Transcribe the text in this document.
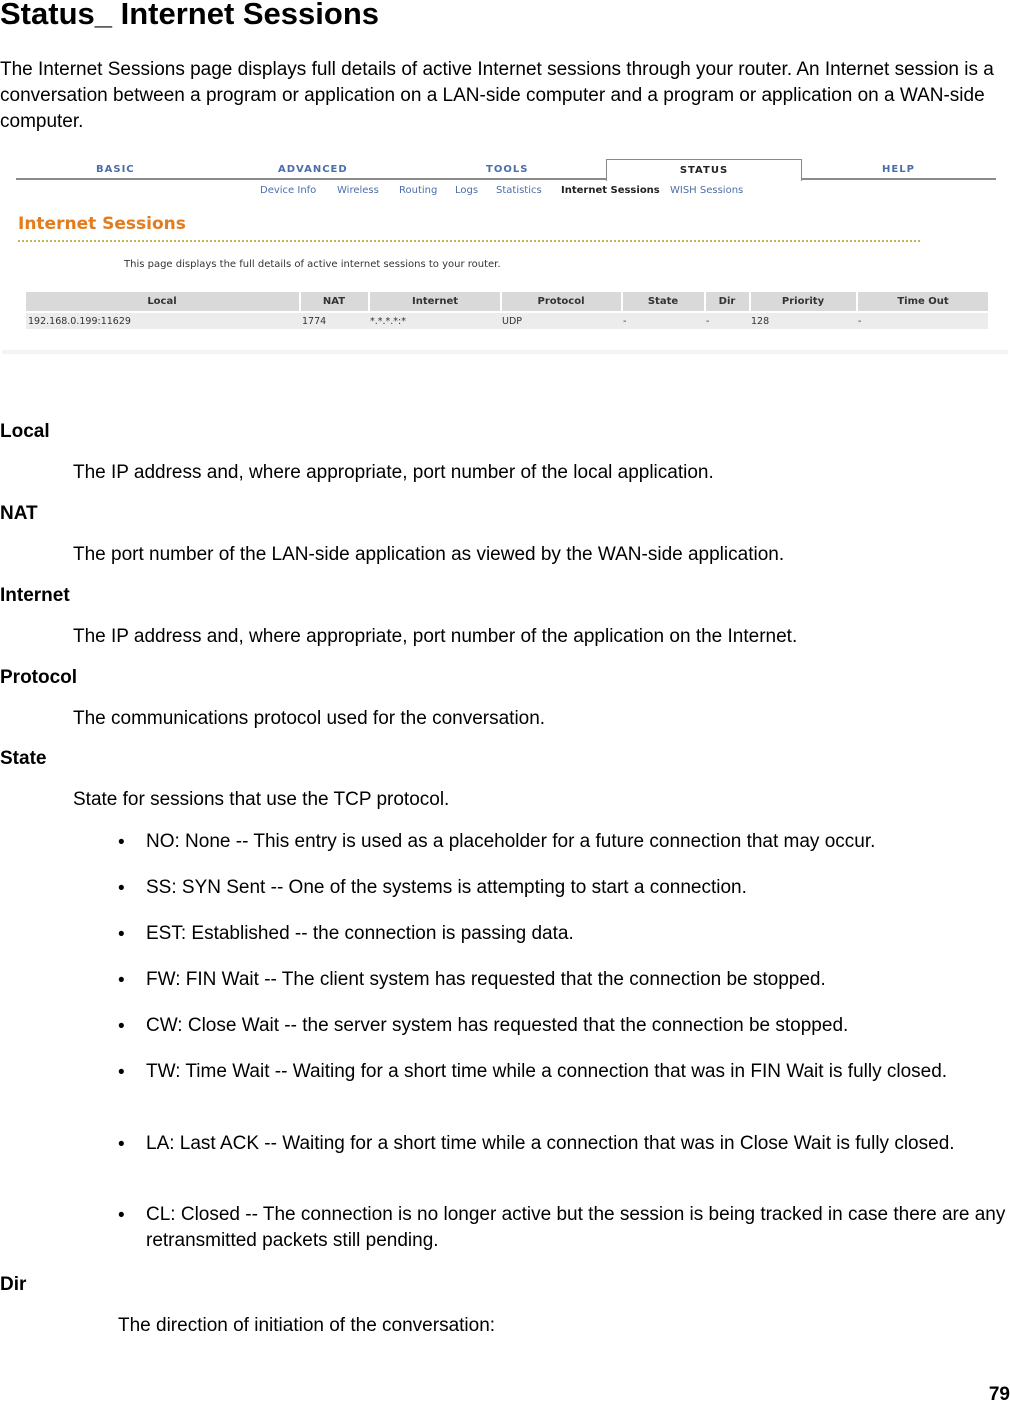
Status_ Internet Sessions
The Internet Sessions page displays full details of active Internet sessions through your router. An Internet session is a conversation between a program or application on a LAN-side computer and a program or application on a WAN-side computer.
BASIC	ADVANCED	TOOLS	STATUS	HELP
Device Info Wireless Routing Logs Statistics Internet Sessions WISH Sessions
Internet Sessions
This page displays the full details of active internet sessions to your router.
Local	NAT	Internet	Protocol	State	Dir	Priority	Time Out
192.168.0.199:11629	1774	*.*.*.*:*	UDP	-	-	128	-
Local
The IP address and, where appropriate, port number of the local application.
NAT
The port number of the LAN-side application as viewed by the WAN-side application.
Internet
The IP address and, where appropriate, port number of the application on the Internet.
Protocol
The communications protocol used for the conversation.
State
State for sessions that use the TCP protocol.
• NO: None -- This entry is used as a placeholder for a future connection that may occur.
• SS: SYN Sent -- One of the systems is attempting to start a connection.
• EST: Established -- the connection is passing data.
• FW: FIN Wait -- The client system has requested that the connection be stopped.
• CW: Close Wait -- the server system has requested that the connection be stopped.
• TW: Time Wait -- Waiting for a short time while a connection that was in FIN Wait is fully closed.
• LA: Last ACK -- Waiting for a short time while a connection that was in Close Wait is fully closed.
• CL: Closed -- The connection is no longer active but the session is being tracked in case there are any retransmitted packets still pending.
Dir
The direction of initiation of the conversation:
79
